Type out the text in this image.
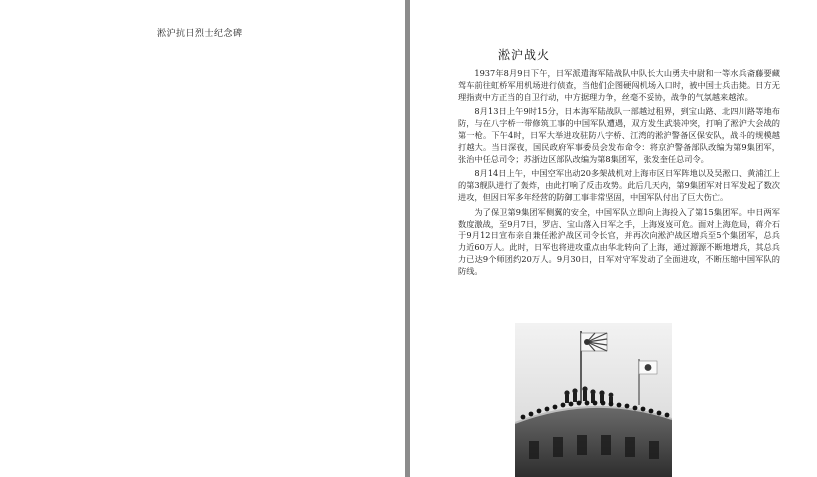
淞沪抗日烈士纪念碑
淞沪战火

1937年8月9日下午，日军派遣海军陆战队中队长大山勇夫中尉和一等水兵斋藤要藏驾车前往虹桥军用机场进行侦查，当他们企图硬闯机场入口时，被中国士兵击毙。日方无理指责中方正当的自卫行动，中方据理力争，丝毫不妥协，战争的气氛越来越浓。

8月13日上午9时15分，日本海军陆战队一部越过租界，到宝山路、北四川路等地布防，与在八字桥一带修筑工事的中国军队遭遇，双方发生武装冲突，打响了淞沪大会战的第一枪。下午4时，日军大举进攻驻防八字桥、江湾的淞沪警备区保安队，战斗的规模越打越大。当日深夜，国民政府军事委员会发布命令：将京沪警备部队改编为第9集团军，张治中任总司令；苏浙边区部队改编为第8集团军，张发奎任总司令。

8月14日上午，中国空军出动20多架战机对上海市区日军阵地以及吴淞口、黄浦江上的第3舰队进行了轰炸，由此打响了反击攻势。此后几天内，第9集团军对日军发起了数次进攻，但因日军多年经营的防御工事非常坚固，中国军队付出了巨大伤亡。

为了保卫第9集团军侧翼的安全，中国军队立即向上海投入了第15集团军。中日两军数度激战，至9月7日，罗店、宝山落入日军之手，上海岌岌可危。面对上海危局，蒋介石于9月12日宣布亲自兼任淞沪战区司令长官，并再次向淞沪战区增兵至5个集团军，总兵力近60万人。此时，日军也将进攻重点由华北转向了上海，通过源源不断地增兵，其总兵力已达9个师团约20万人。9月30日，日军对守军发动了全面进攻，不断压缩中国军队的防线。
